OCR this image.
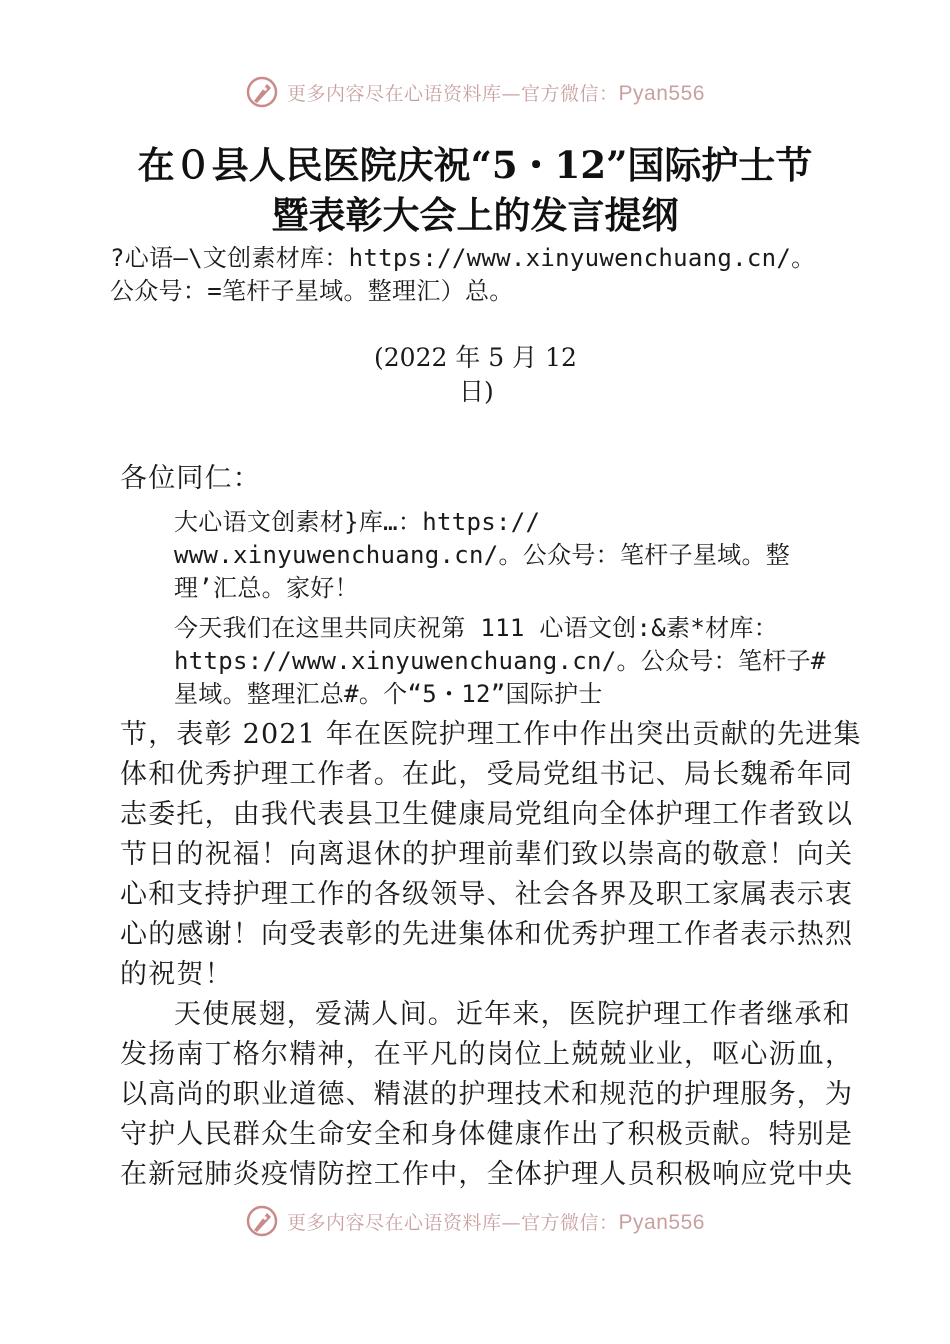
更多内容尽在心语资料库—官方微信：Pyan556
在０县人民医院庆祝“5・12”国际护士节
暨表彰大会上的发言提纲
?心语—\文创素材库：https://www.xinyuwenchuang.cn/。
公众号：=笔杆子星域。整理汇）总。
(2022 年 5 月 12
日)
各位同仁：
大心语文创素材}库…：https://
www.xinyuwenchuang.cn/。公众号：笔杆子星域。整
理’汇总。家好！
今天我们在这里共同庆祝第 111 心语文创:&素*材库：
https://www.xinyuwenchuang.cn/。公众号：笔杆子#
星域。整理汇总#。个“5・12”国际护士
节，表彰 2021 年在医院护理工作中作出突出贡献的先进集
体和优秀护理工作者。在此，受局党组书记、局长魏希年同
志委托，由我代表县卫生健康局党组向全体护理工作者致以
节日的祝福！向离退休的护理前辈们致以崇高的敬意！向关
心和支持护理工作的各级领导、社会各界及职工家属表示衷
心的感谢！向受表彰的先进集体和优秀护理工作者表示热烈
的祝贺！
天使展翅，爱满人间。近年来，医院护理工作者继承和
发扬南丁格尔精神，在平凡的岗位上兢兢业业，呕心沥血，
以高尚的职业道德、精湛的护理技术和规范的护理服务，为
守护人民群众生命安全和身体健康作出了积极贡献。特别是
在新冠肺炎疫情防控工作中，全体护理人员积极响应党中央
更多内容尽在心语资料库—官方微信：Pyan556
